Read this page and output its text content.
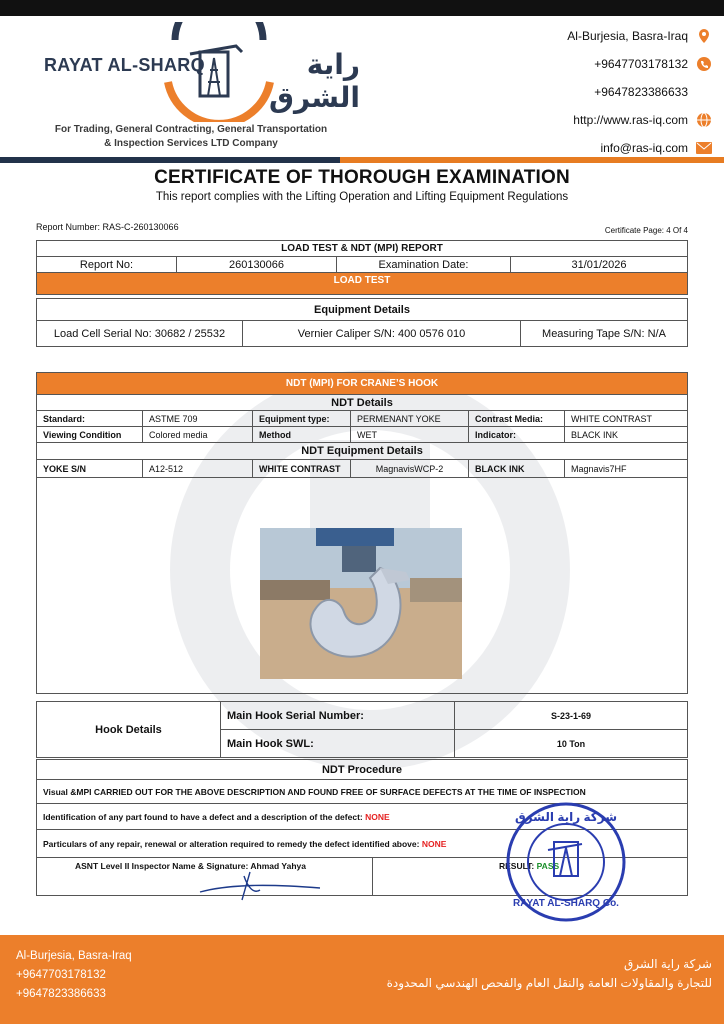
RAYAT AL-SHARQ	راية الشرق
For Trading, General Contracting, General Transportation
& Inspection Services LTD Company
Al-Burjesia, Basra-Iraq
+9647703178132
+9647823386633
http://www.ras-iq.com
info@ras-iq.com
CERTIFICATE OF THOROUGH EXAMINATION
This report complies with the Lifting Operation and Lifting Equipment Regulations
Report Number: RAS-C-260130066	Certificate Page: 4 Of 4
LOAD TEST & NDT (MPI) REPORT
Report No:	260130066	Examination Date:	31/01/2026
LOAD TEST
Equipment Details
Load Cell Serial No: 30682 / 25532	Vernier Caliper S/N: 400 0576 010	Measuring Tape S/N: N/A
NDT (MPI) FOR CRANE’S HOOK					
NDT Details					
Standard:	ASTME 709	Equipment type:	PERMENANT YOKE	Contrast Media:	WHITE CONTRAST
Viewing Condition	Colored media	Method	WET	Indicator:	BLACK INK
NDT Equipment Details					
YOKE S/N	A12-512	WHITE CONTRAST	MagnavisWCP-2	BLACK INK	Magnavis7HF

Hook Details	Main Hook Serial Number:	S-23-1-69
	Main Hook SWL:	10 Ton
NDT Procedure
Visual &MPI CARRIED OUT FOR THE ABOVE DESCRIPTION AND FOUND FREE OF SURFACE DEFECTS AT THE TIME OF INSPECTION
Identification of any part found to have a defect and a description of the defect: NONE
Particulars of any repair, renewal or alteration required to remedy the defect identified above: NONE
ASNT Level II Inspector Name & Signature: Ahmad Yahya	RESULT: PASS
شركة راية الشرق
RAYAT AL-SHARQ Co.
Al-Burjesia, Basra-Iraq
+9647703178132
+9647823386633
شركة راية الشرق
للتجارة والمقاولات العامة والنقل العام والفحص الهندسي المحدودة
